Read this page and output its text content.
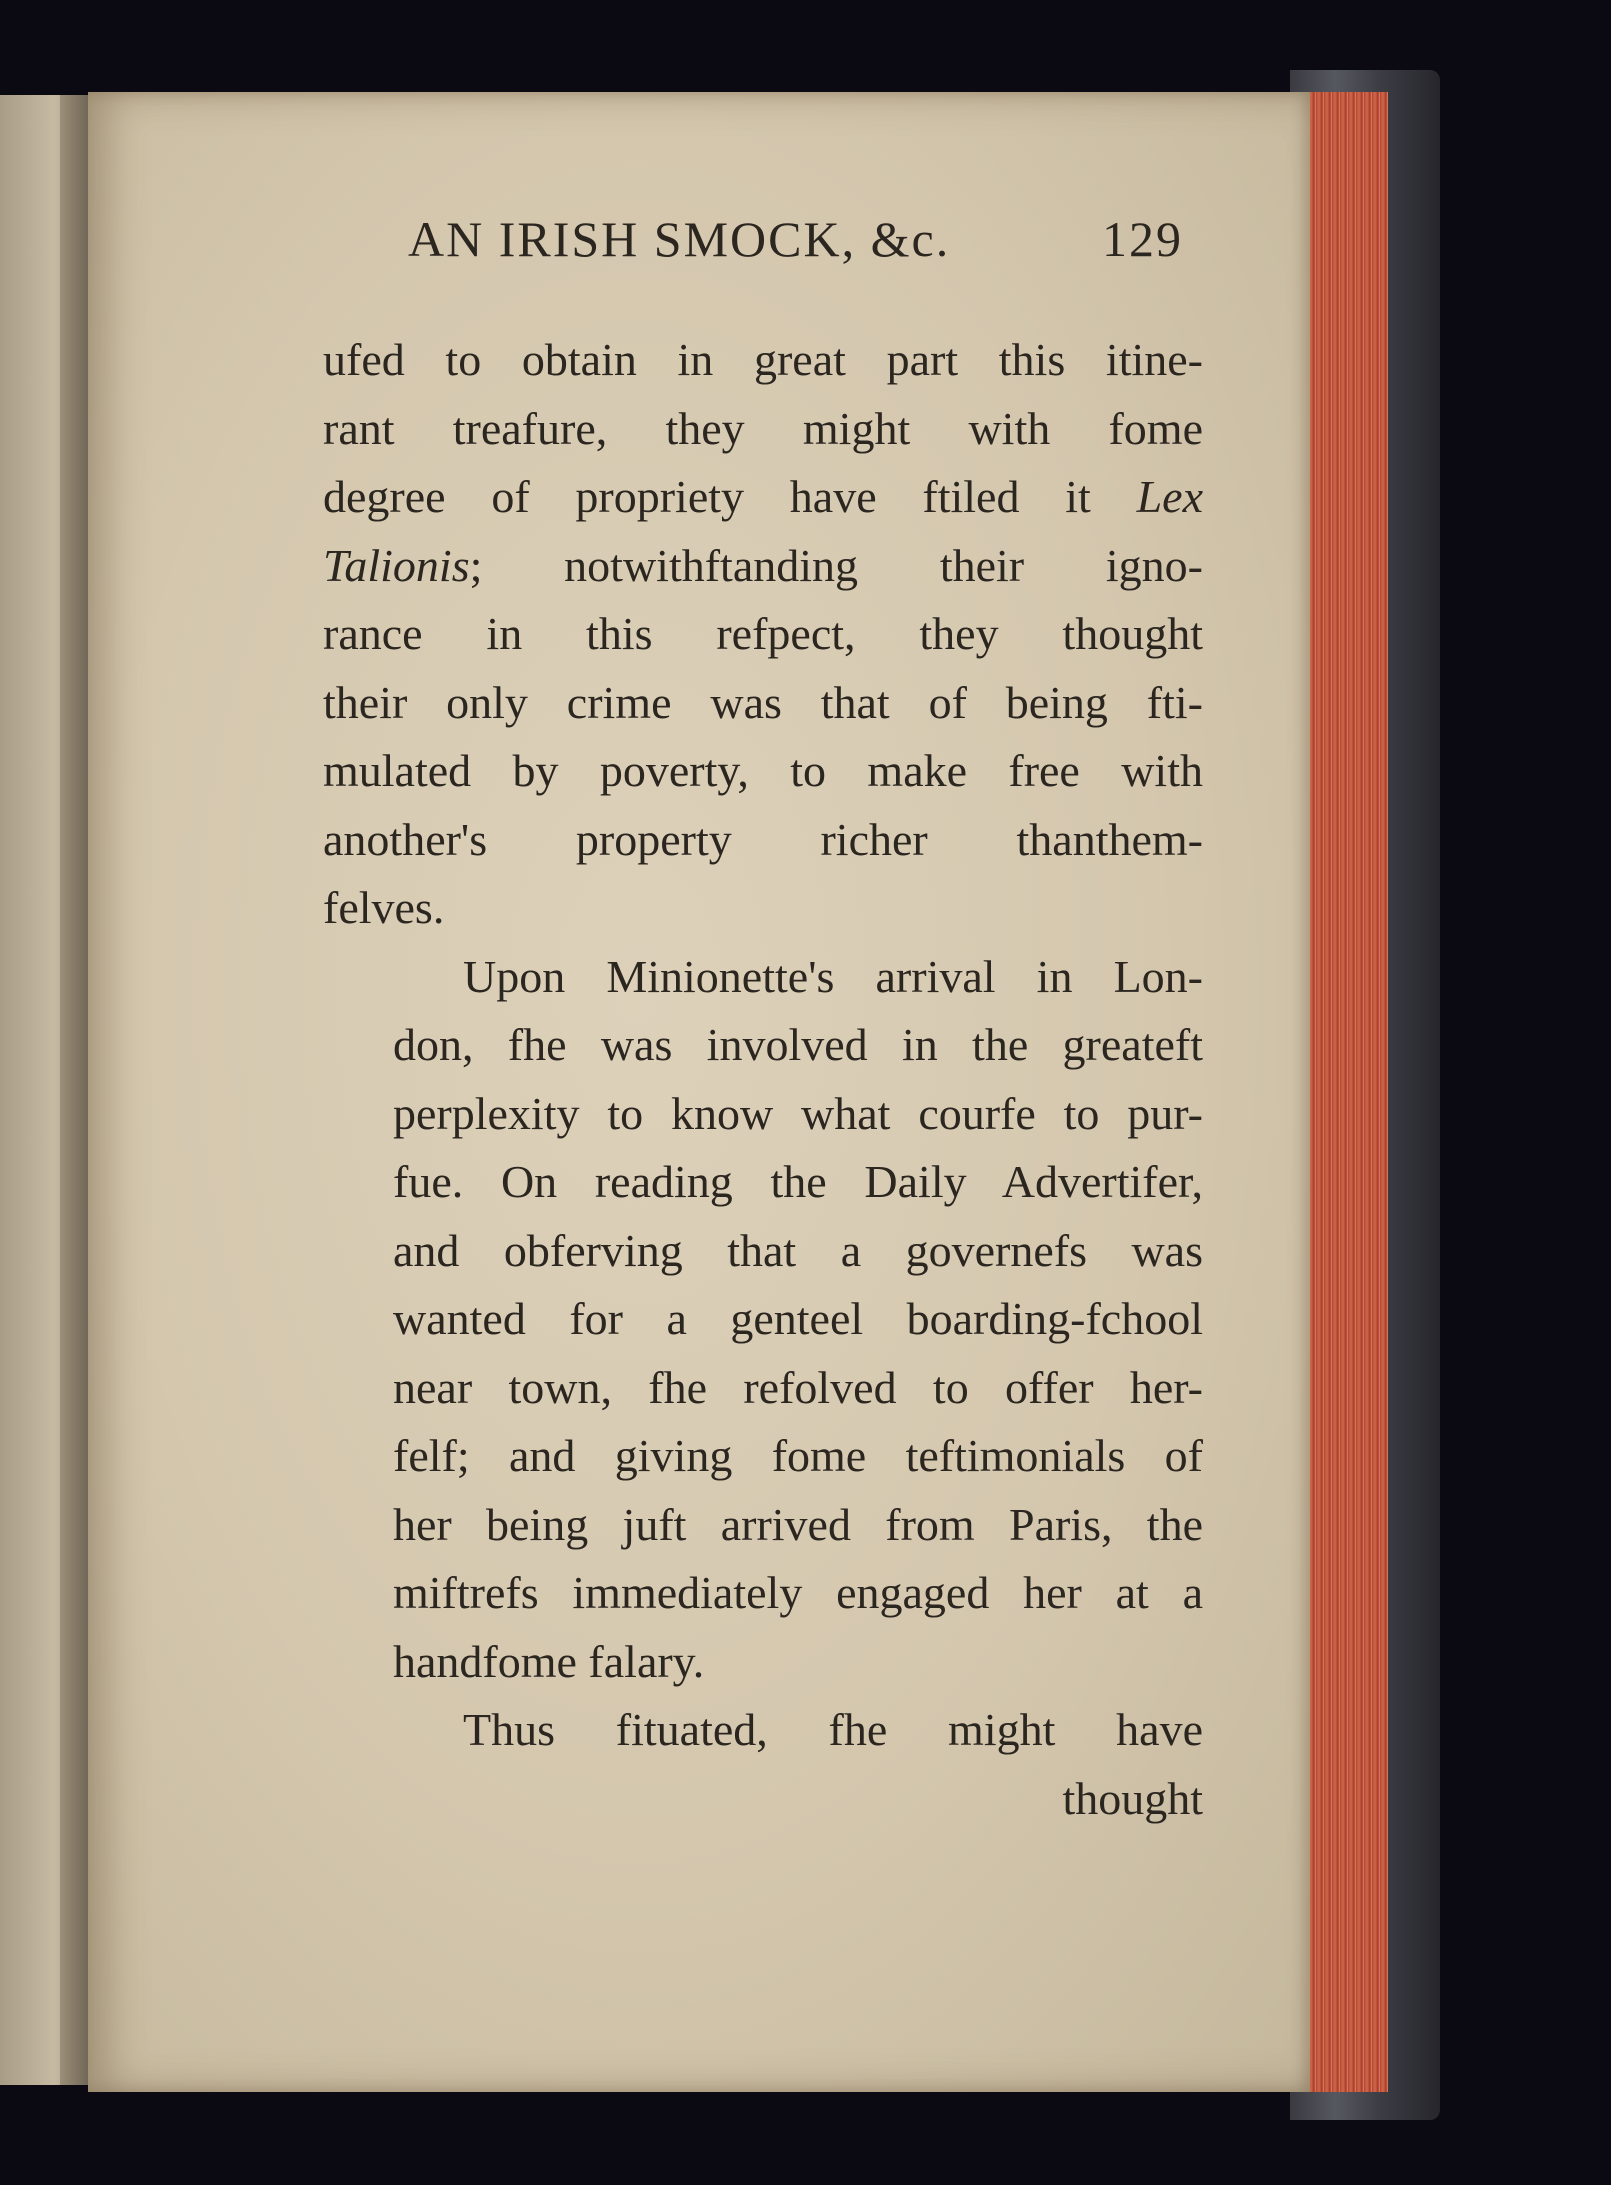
AN IRISH SMOCK, &c.	129

ufed to obtain in great part this itine-
rant treafure, they might with fome
degree of propriety have ftiled it Lex
Talionis; notwithftanding their igno-
rance in this refpect, they thought
their only crime was that of being fti-
mulated by poverty, to make free with
another's property richer thanthem-
felves.

Upon Minionette's arrival in Lon-
don, fhe was involved in the greateft
perplexity to know what courfe to pur-
fue. On reading the Daily Advertifer,
and obferving that a governefs was
wanted for a genteel boarding-fchool
near town, fhe refolved to offer her-
felf; and giving fome teftimonials of
her being juft arrived from Paris, the
miftrefs immediately engaged her at a
handfome falary.

Thus fituated, fhe might have

thought
